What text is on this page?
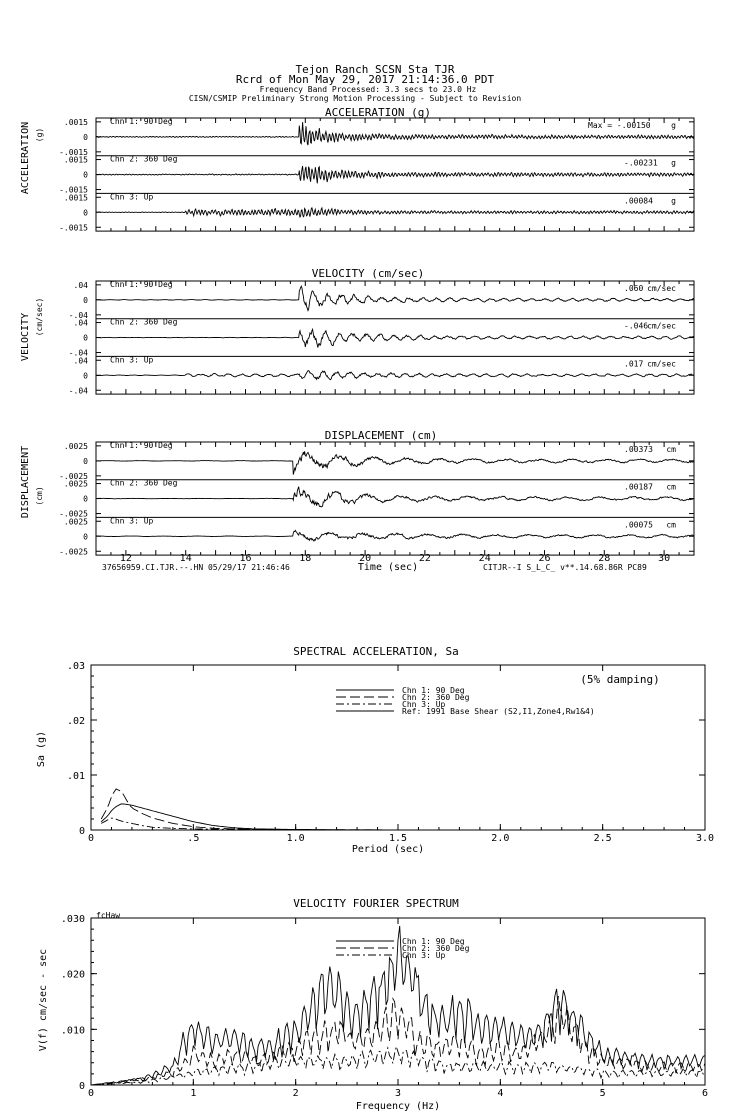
Tejon Ranch SCSN Sta TJR
Rcrd of Mon May 29, 2017 21:14:36.0 PDT
Frequency Band Processed: 3.3 secs to 23.0 Hz
CISN/CSMIP Preliminary Strong Motion Processing - Subject to Revision
ACCELERATION (g)
ACCELERATION (g)
.0015
0
-.0015
Chn 1: 90 Deg	Max = -.00150	g
.0015
0
-.0015
Chn 2: 360 Deg	-.00231 g
.0015
0
-.0015
Chn 3: Up	.00084 g
VELOCITY (cm/sec)
VELOCITY (cm/sec)
.04
0
-.04
Chn 1: 90 Deg	.060 cm/sec
.04
0
-.04
Chn 2: 360 Deg	-.046 cm/sec
.04
0
-.04
Chn 3: Up	.017 cm/sec
DISPLACEMENT (cm)
DISPLACEMENT (cm)
.0025
0
-.0025
Chn 1: 90 Deg	.00373 cm
.0025
0
-.0025
Chn 2: 360 Deg	.00187 cm
.0025
0
-.0025
Chn 3: Up	.00075 cm
12	14	16	18	20	22	24	26	28	30
Time (sec)
37656959.CI.TJR.--.HN 05/29/17 21:46:46	CITJR--I S_L_C_ v**.14.68.86R PC89
SPECTRAL ACCELERATION, Sa
(5% damping)
Sa (g)
Period (sec)
0	.5	1.0	1.5	2.0	2.5	3.0
0
.01
.02
.03
Chn 1: 90 Deg
Chn 2: 360 Deg
Chn 3: Up
Ref: 1991 Base Shear (S2,I1,Zone4,Rw1&4)
VELOCITY FOURIER SPECTRUM
fcHaw
V(f) cm/sec - sec
Frequency (Hz)
0	1	2	3	4	5	6
0
.010
.020
.030
Chn 1: 90 Deg
Chn 2: 360 Deg
Chn 3: Up
